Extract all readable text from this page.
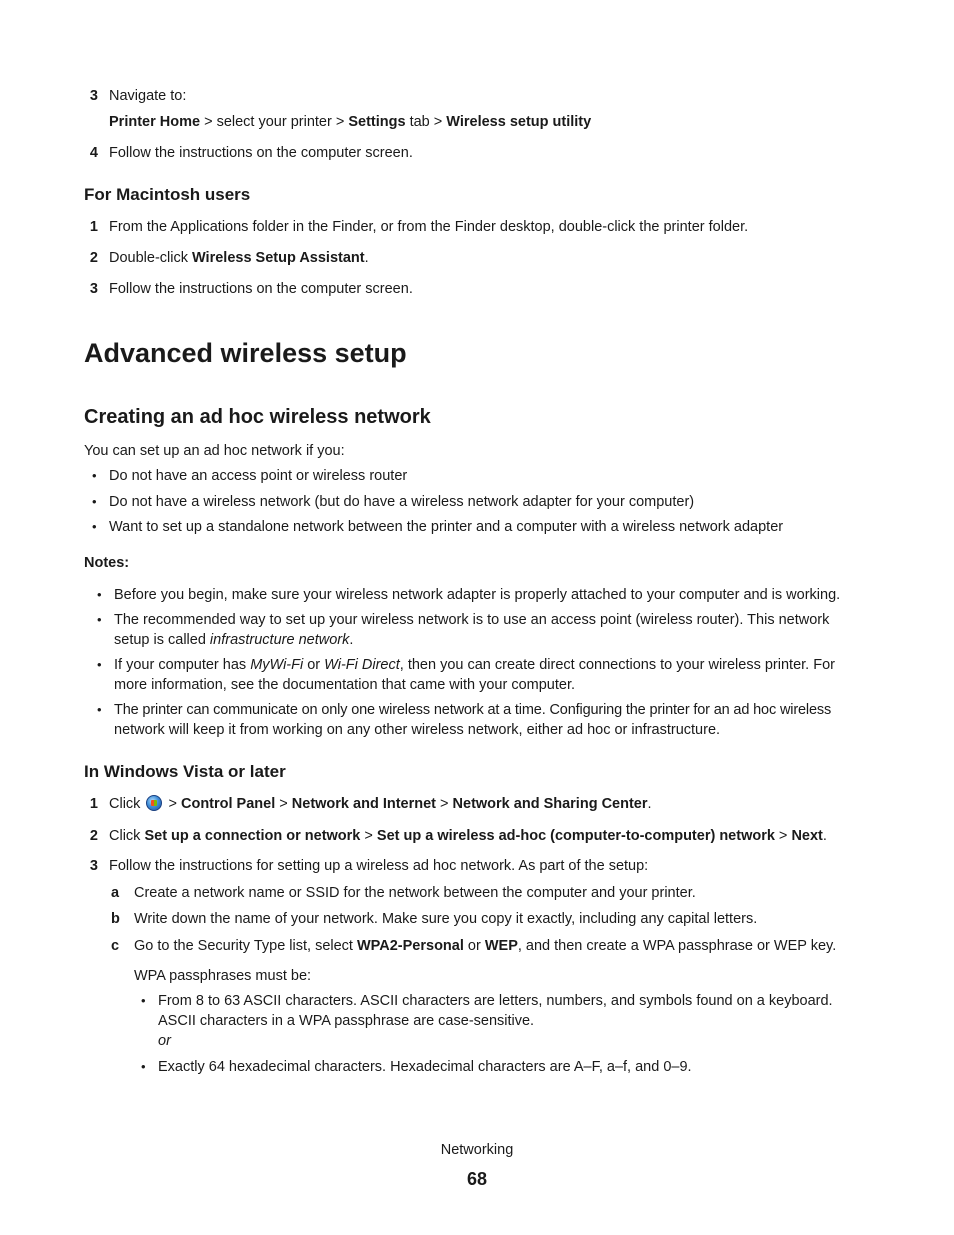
3 Navigate to:
Printer Home > select your printer > Settings tab > Wireless setup utility
4 Follow the instructions on the computer screen.
For Macintosh users
1 From the Applications folder in the Finder, or from the Finder desktop, double-click the printer folder.
2 Double-click Wireless Setup Assistant.
3 Follow the instructions on the computer screen.
Advanced wireless setup
Creating an ad hoc wireless network
You can set up an ad hoc network if you:
• Do not have an access point or wireless router
• Do not have a wireless network (but do have a wireless network adapter for your computer)
• Want to set up a standalone network between the printer and a computer with a wireless network adapter
Notes:
• Before you begin, make sure your wireless network adapter is properly attached to your computer and is working.
• The recommended way to set up your wireless network is to use an access point (wireless router). This network
setup is called infrastructure network.
• If your computer has MyWi-Fi or Wi-Fi Direct, then you can create direct connections to your wireless printer. For
more information, see the documentation that came with your computer.
• The printer can communicate on only one wireless network at a time. Configuring the printer for an ad hoc wireless
network will keep it from working on any other wireless network, either ad hoc or infrastructure.
In Windows Vista or later
1 Click  > Control Panel > Network and Internet > Network and Sharing Center.
2 Click Set up a connection or network > Set up a wireless ad-hoc (computer-to-computer) network > Next.
3 Follow the instructions for setting up a wireless ad hoc network. As part of the setup:
a Create a network name or SSID for the network between the computer and your printer.
b Write down the name of your network. Make sure you copy it exactly, including any capital letters.
c Go to the Security Type list, select WPA2-Personal or WEP, and then create a WPA passphrase or WEP key.
WPA passphrases must be:
• From 8 to 63 ASCII characters. ASCII characters are letters, numbers, and symbols found on a keyboard.
ASCII characters in a WPA passphrase are case-sensitive.
or
• Exactly 64 hexadecimal characters. Hexadecimal characters are A–F, a–f, and 0–9.
Networking
68
